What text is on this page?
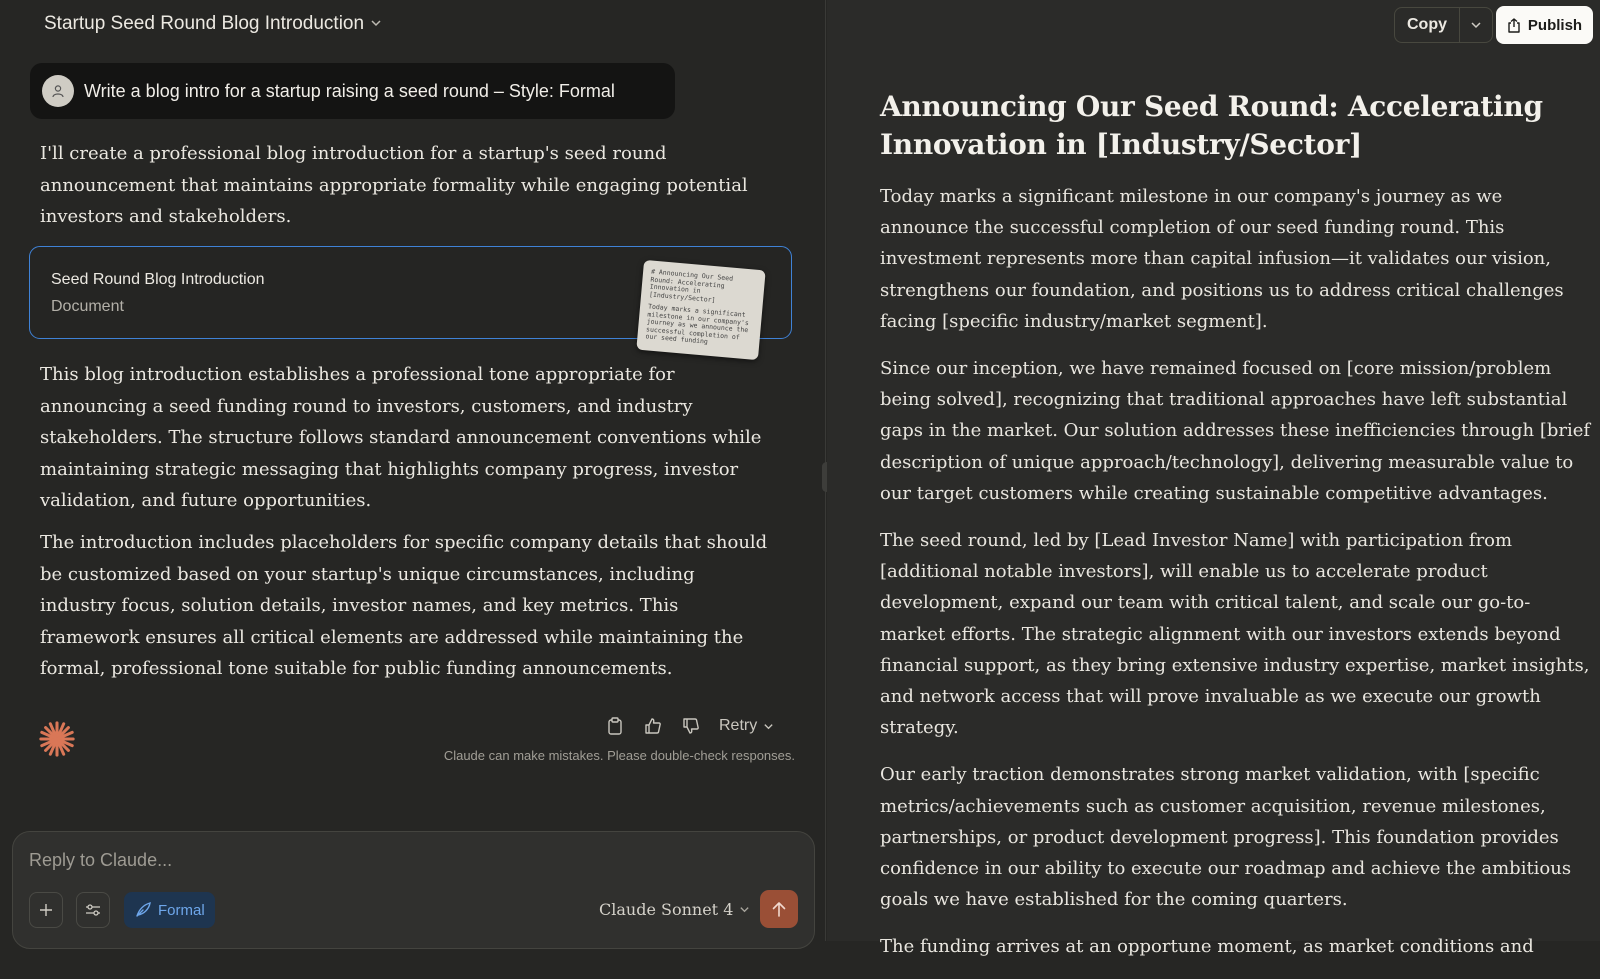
Startup Seed Round Blog Introduction
Write a blog intro for a startup raising a seed round – Style: Formal
I'll create a professional blog introduction for a startup's seed round announcement that maintains appropriate formality while engaging potential investors and stakeholders.
Seed Round Blog Introduction
Document

# Announcing Our Seed Round: Accelerating Innovation in [Industry/Sector]

Today marks a significant milestone in our company's journey as we announce the successful completion of our seed funding

This blog introduction establishes a professional tone appropriate for announcing a seed funding round to investors, customers, and industry stakeholders. The structure follows standard announcement conventions while maintaining strategic messaging that highlights company progress, investor validation, and future opportunities.
The introduction includes placeholders for specific company details that should be customized based on your startup's unique circumstances, including industry focus, solution details, investor names, and key metrics. This framework ensures all critical elements are addressed while maintaining the formal, professional tone suitable for public funding announcements.
Retry
Claude can make mistakes. Please double-check responses.
Reply to Claude...
Formal	Claude Sonnet 4
Copy	Publish
Announcing Our Seed Round: Accelerating Innovation in [Industry/Sector]

Today marks a significant milestone in our company's journey as we announce the successful completion of our seed funding round. This investment represents more than capital infusion—it validates our vision, strengthens our foundation, and positions us to address critical challenges facing [specific industry/market segment].

Since our inception, we have remained focused on [core mission/problem being solved], recognizing that traditional approaches have left substantial gaps in the market. Our solution addresses these inefficiencies through [brief description of unique approach/technology], delivering measurable value to our target customers while creating sustainable competitive advantages.

The seed round, led by [Lead Investor Name] with participation from [additional notable investors], will enable us to accelerate product development, expand our team with critical talent, and scale our go-to-market efforts. The strategic alignment with our investors extends beyond financial support, as they bring extensive industry expertise, market insights, and network access that will prove invaluable as we execute our growth strategy.

Our early traction demonstrates strong market validation, with [specific metrics/achievements such as customer acquisition, revenue milestones, partnerships, or product development progress]. This foundation provides confidence in our ability to execute our roadmap and achieve the ambitious goals we have established for the coming quarters.

The funding arrives at an opportune moment, as market conditions and
